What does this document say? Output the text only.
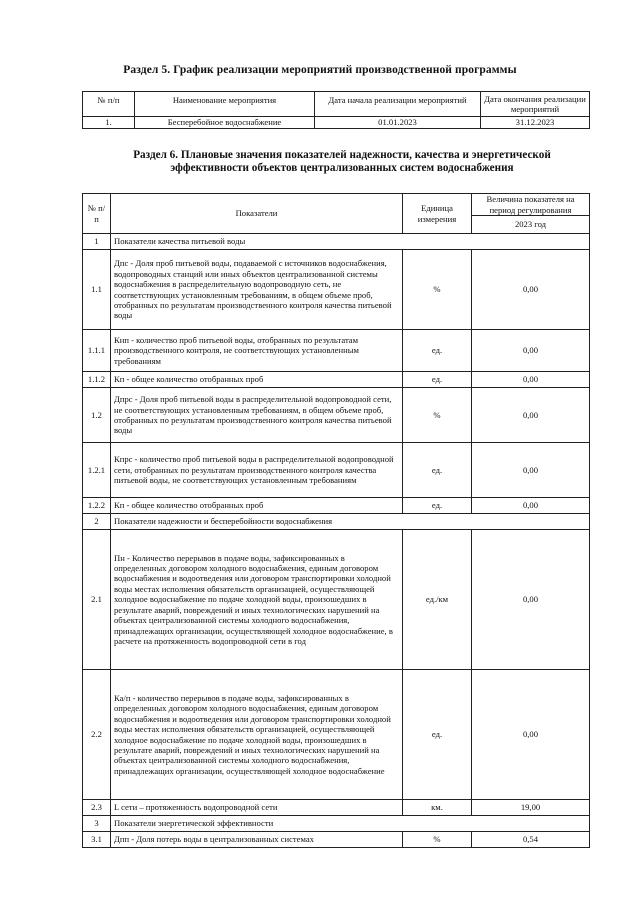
Раздел 5. График реализации мероприятий производственной программы
№ п/п	Наименование мероприятия	Дата начала реализации мероприятий	Дата окончания реализации мероприятий
1.	Бесперебойное водоснабжение	01.01.2023	31.12.2023
Раздел 6. Плановые значения показателей надежности, качества и энергетической
эффективности объектов централизованных систем водоснабжения
№ п/п	Показатели	Единица измерения	Величина показателя на период регулирования
			2023 год
1	Показатели качества питьевой воды		
1.1	Дпс - Доля проб питьевой воды, подаваемой с источников водоснабжения, водопроводных станций или иных объектов централизованной системы водоснабжения в распределительную водопроводную сеть, не соответствующих установленным требованиям, в общем объеме проб, отобранных по результатам производственного контроля качества питьевой воды	%	0,00
1.1.1	Кнп - количество проб питьевой воды, отобранных по результатам производственного контроля, не соответствующих установленным требованиям	ед.	0,00
1.1.2	Кп - общее количество отобранных проб	ед.	0,00
1.2	Дпрс - Доля проб питьевой воды в распределительной водопроводной сети, не соответствующих установленным требованиям, в общем объеме проб, отобранных по результатам производственного контроля качества питьевой воды	%	0,00
1.2.1	Кпрс - количество проб питьевой воды в распределительной водопроводной сети, отобранных по результатам производственного контроля качества питьевой воды, не соответствующих установленным требованиям	ед.	0,00
1.2.2	Кп - общее количество отобранных проб	ед.	0,00
2	Показатели надежности и бесперебойности водоснабжения		
2.1	Пн - Количество перерывов в подаче воды, зафиксированных в определенных договором холодного водоснабжения, единым договором водоснабжения и водоотведения или договором транспортировки холодной воды местах исполнения обязательств организацией, осуществляющей холодное водоснабжение по подаче холодной воды, произошедших в результате аварий, повреждений и иных технологических нарушений на объектах централизованной системы холодного водоснабжения, принадлежащих организации, осуществляющей холодное водоснабжение, в расчете на протяженность водопроводной сети в год	ед./км	0,00
2.2	Ка/п - количество перерывов в подаче воды, зафиксированных в определенных договором холодного водоснабжения, единым договором водоснабжения и водоотведения или договором транспортировки холодной воды местах исполнения обязательств организацией, осуществляющей холодное водоснабжение по подаче холодной воды, произошедших в результате аварий, повреждений и иных технологических нарушений на объектах централизованной системы холодного водоснабжения, принадлежащих организации, осуществляющей холодное водоснабжение	ед.	0,00
2.3	L сети – протяженность водопроводной сети	км.	19,00
3	Показатели энергетической эффективности		
3.1	Дпп - Доля потерь воды в централизованных системах	%	0,54
